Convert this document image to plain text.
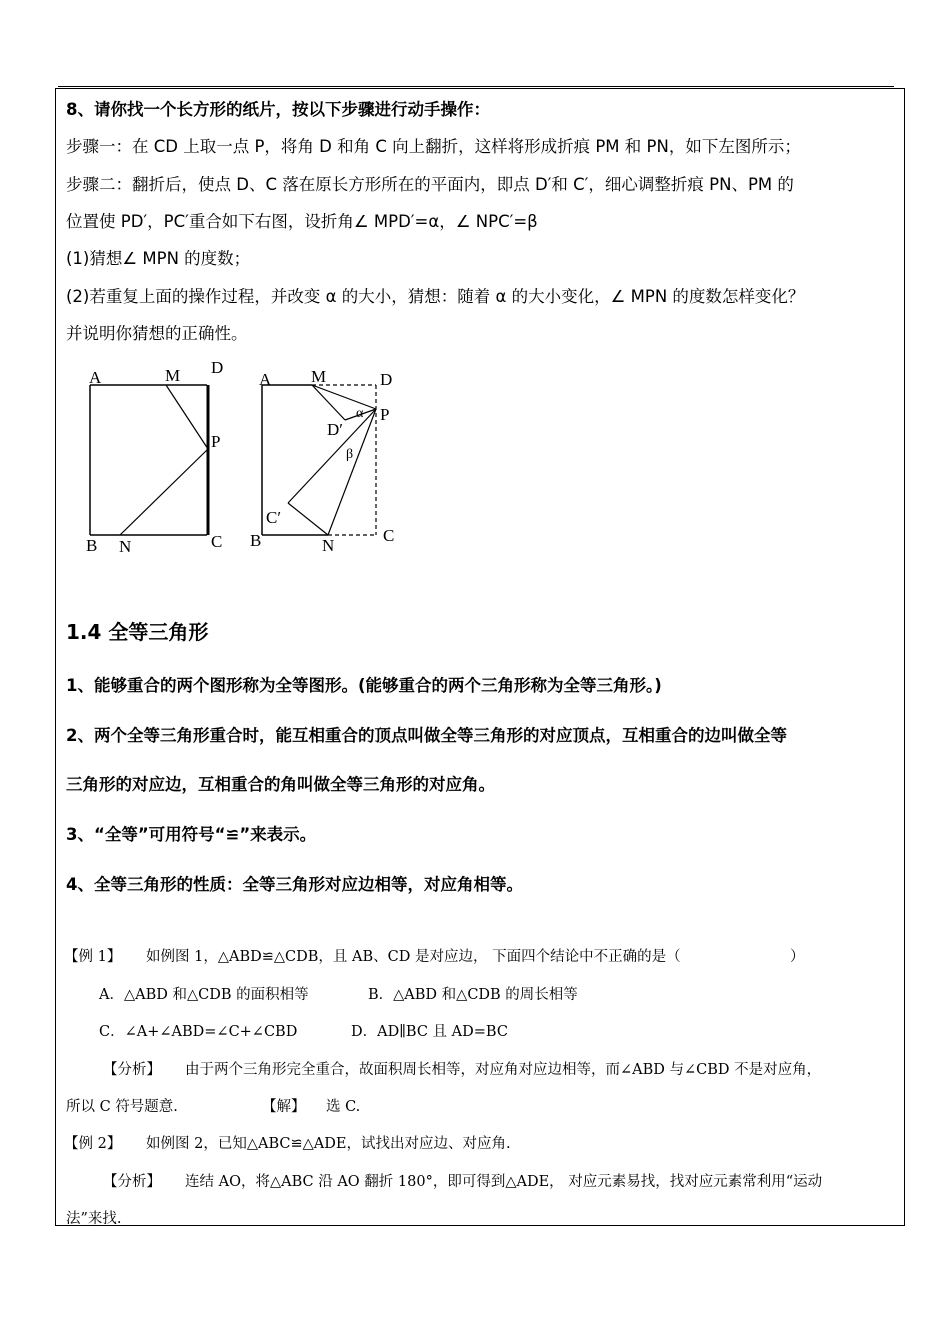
8、请你找一个长方形的纸片，按以下步骤进行动手操作：
步骤一：在 CD 上取一点 P，将角 D 和角 C 向上翻折，这样将形成折痕 PM 和 PN，如下左图所示；
步骤二：翻折后，使点 D、C 落在原长方形所在的平面内，即点 D′和 C′，细心调整折痕 PN、PM 的
位置使 PD′，PC′重合如下右图，设折角∠ MPD′=α，∠ NPC′=β
(1)猜想∠ MPN 的度数；
(2)若重复上面的操作过程，并改变 α 的大小，猜想：随着 α 的大小变化，∠ MPN 的度数怎样变化？
并说明你猜想的正确性。
A	M D
P
B N	C
A M	D
D′
α P
β
C′
B	N
C
1.4 全等三角形
1、能够重合的两个图形称为全等图形。(能够重合的两个三角形称为全等三角形。)
2、两个全等三角形重合时，能互相重合的顶点叫做全等三角形的对应顶点，互相重合的边叫做全等
三角形的对应边，互相重合的角叫做全等三角形的对应角。
3、“全等”可用符号“≌”来表示。
4、全等三角形的性质：全等三角形对应边相等，对应角相等。
【例 1】 如例图 1，△ABD≌△CDB，且 AB、CD 是对应边， 下面四个结论中不正确的是（	）
A．△ABD 和△CDB 的面积相等	B．△ABD 和△CDB 的周长相等
C．∠A+∠ABD=∠C+∠CBD	D．AD∥BC 且 AD=BC
【分析】 由于两个三角形完全重合，故面积周长相等，对应角对应边相等，而∠ABD 与∠CBD 不是对应角，
所以 C 符号题意.	【解】 选 C.
【例 2】 如例图 2，已知△ABC≌△ADE，试找出对应边、对应角.
【分析】 连结 AO，将△ABC 沿 AO 翻折 180°，即可得到△ADE， 对应元素易找，找对应元素常利用“运动
法”来找.
